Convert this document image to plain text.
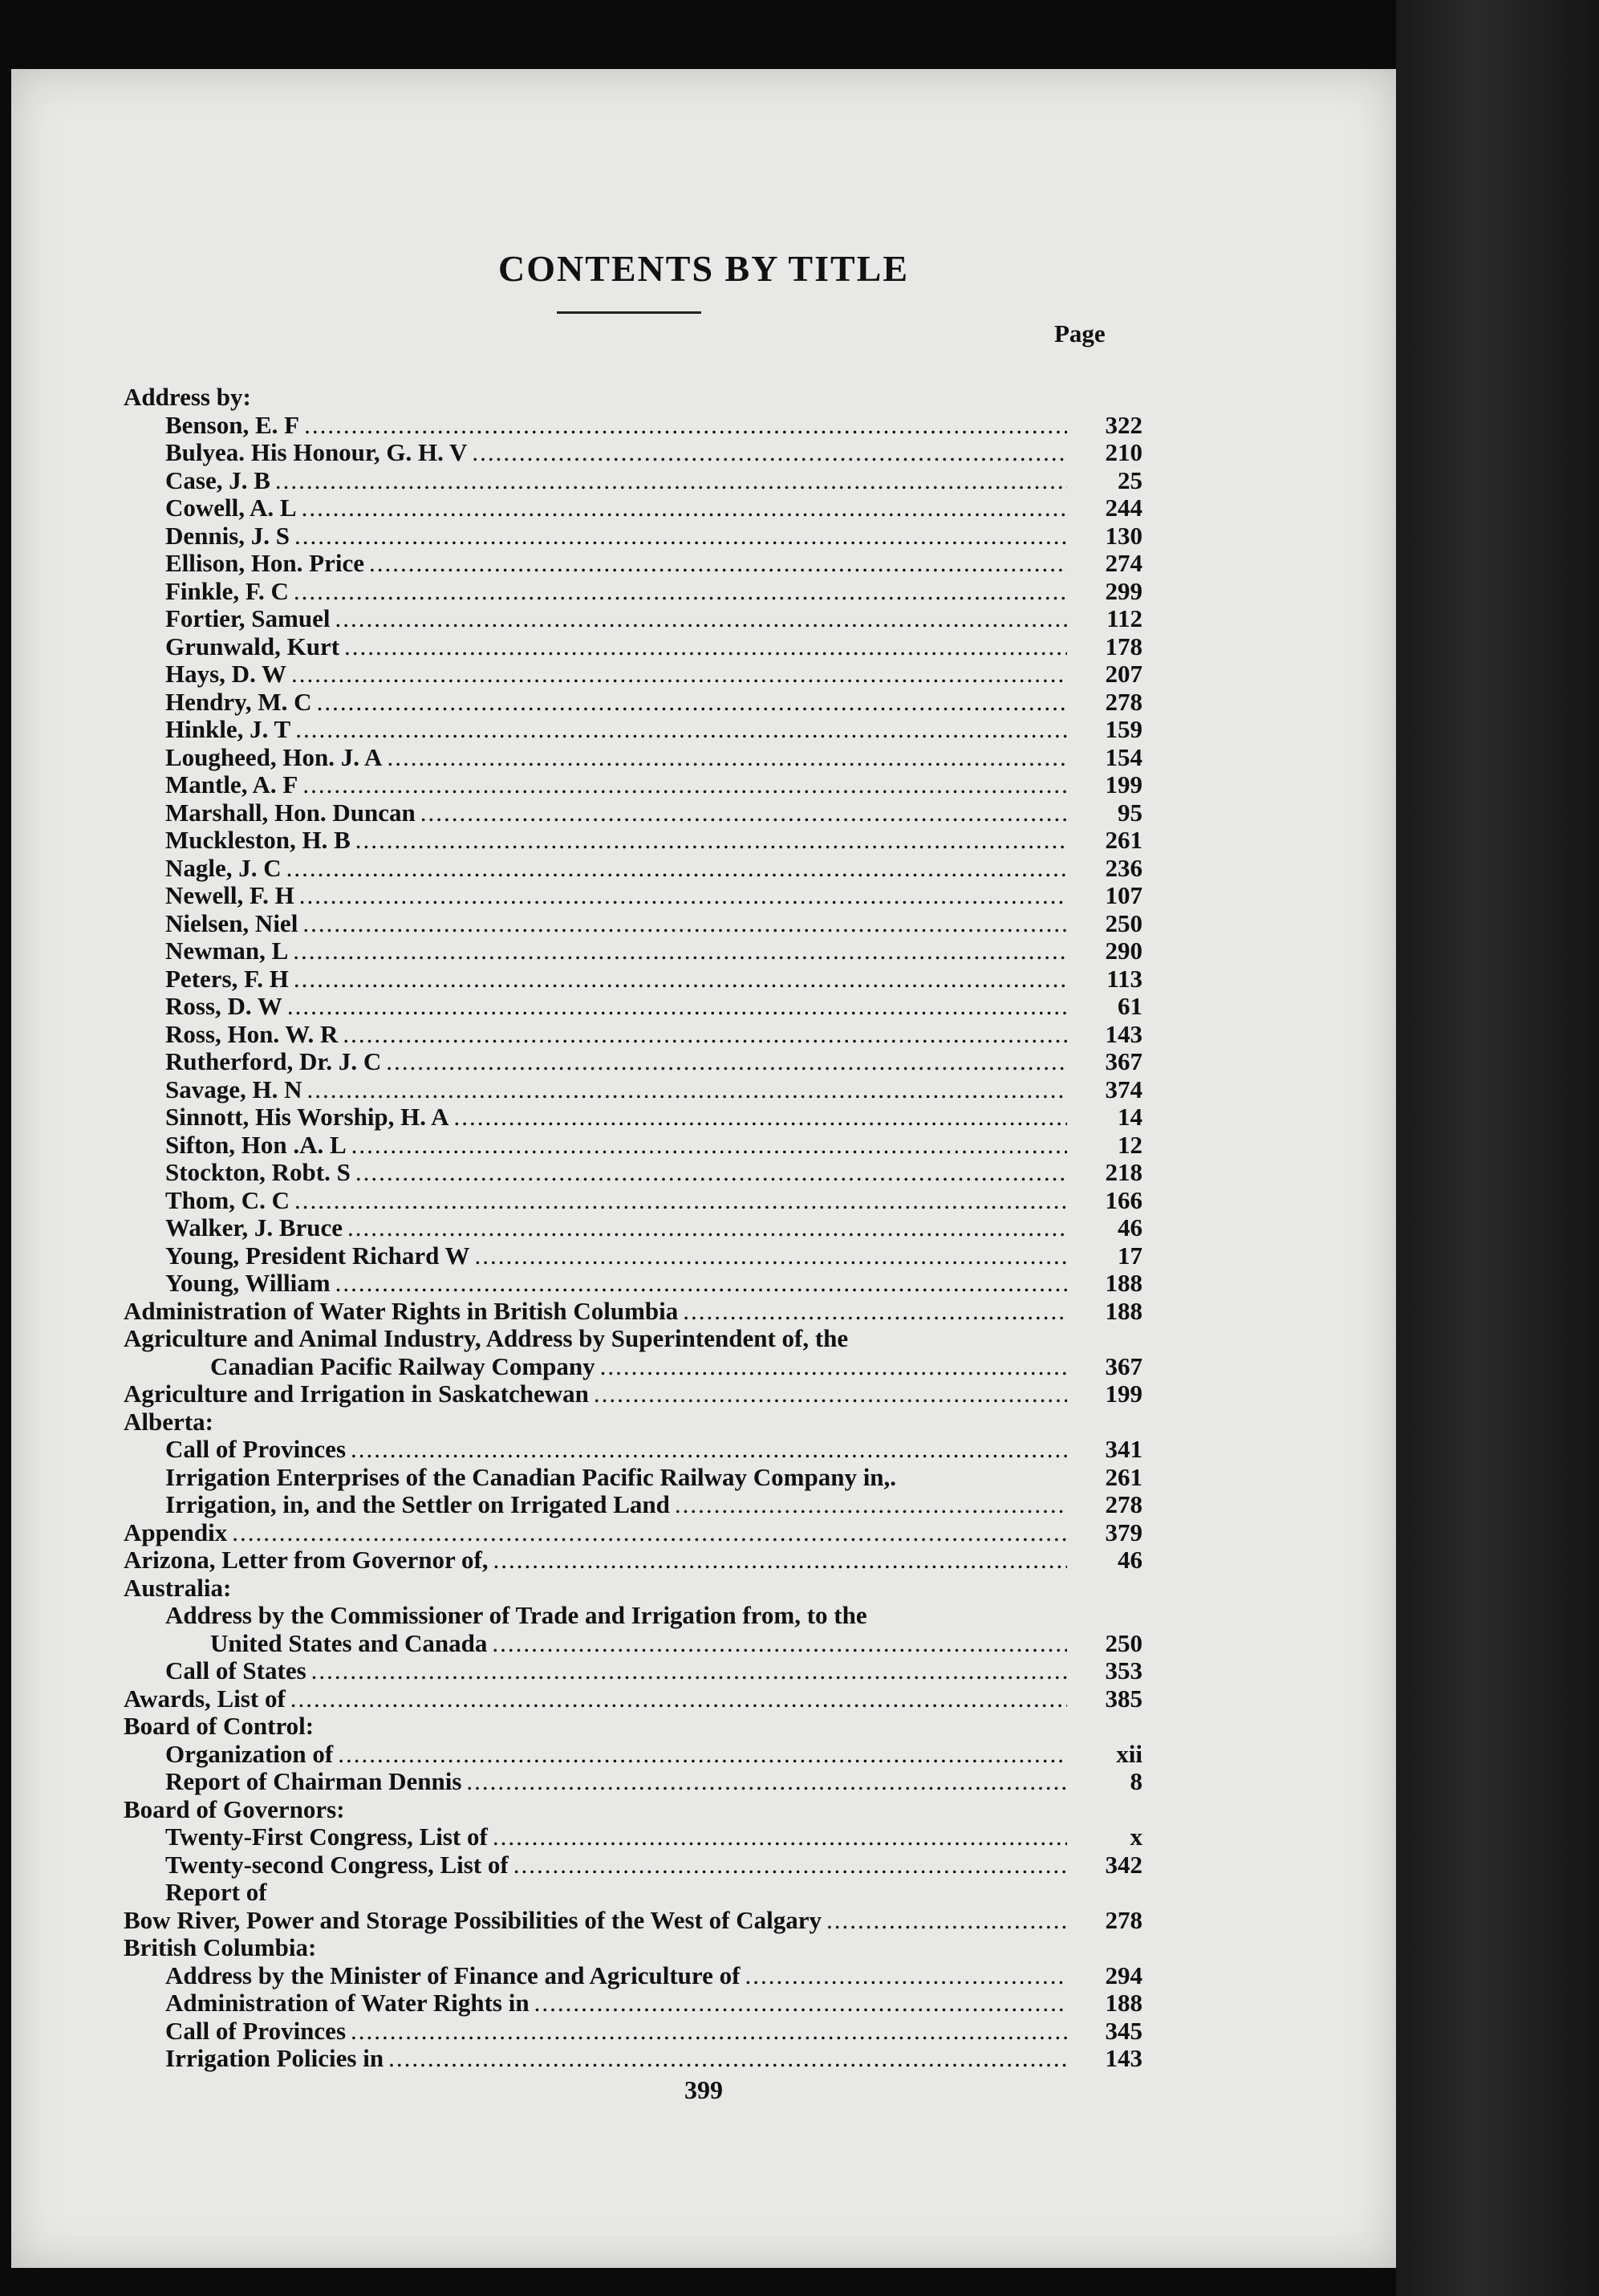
CONTENTS BY TITLE
Page
Address by:
Benson, E. F .....	322
Bulyea. His Honour, G. H. V .....	210
Case, J. B .....	25
Cowell, A. L .....	244
Dennis, J. S .....	130
Ellison, Hon. Price .....	274
Finkle, F. C .....	299
Fortier, Samuel .....	112
Grunwald, Kurt .....	178
Hays, D. W .....	207
Hendry, M. C .....	278
Hinkle, J. T .....	159
Lougheed, Hon. J. A .....	154
Mantle, A. F .....	199
Marshall, Hon. Duncan .....	95
Muckleston, H. B .....	261
Nagle, J. C .....	236
Newell, F. H .....	107
Nielsen, Niel .....	250
Newman, L .....	290
Peters, F. H .....	113
Ross, D. W .....	61
Ross, Hon. W. R .....	143
Rutherford, Dr. J. C .....	367
Savage, H. N .....	374
Sinnott, His Worship, H. A .....	14
Sifton, Hon .A. L .....	12
Stockton, Robt. S .....	218
Thom, C. C .....	166
Walker, J. Bruce .....	46
Young, President Richard W .....	17
Young, William .....	188
Administration of Water Rights in British Columbia .....	188
Agriculture and Animal Industry, Address by Superintendent of, the
Canadian Pacific Railway Company .....	367
Agriculture and Irrigation in Saskatchewan .....	199
Alberta:
Call of Provinces .....	341
Irrigation Enterprises of the Canadian Pacific Railway Company in,.	261
Irrigation, in, and the Settler on Irrigated Land .....	278
Appendix .....	379
Arizona, Letter from Governor of, .....	46
Australia:
Address by the Commissioner of Trade and Irrigation from, to the
United States and Canada .....	250
Call of States .....	353
Awards, List of .....	385
Board of Control:
Organization of .....	xii
Report of Chairman Dennis .....	8
Board of Governors:
Twenty-First Congress, List of .....	x
Twenty-second Congress, List of .....	342
Report of
Bow River, Power and Storage Possibilities of the West of Calgary .....	278
British Columbia:
Address by the Minister of Finance and Agriculture of .....	294
Administration of Water Rights in .....	188
Call of Provinces .....	345
Irrigation Policies in .....	143
399
